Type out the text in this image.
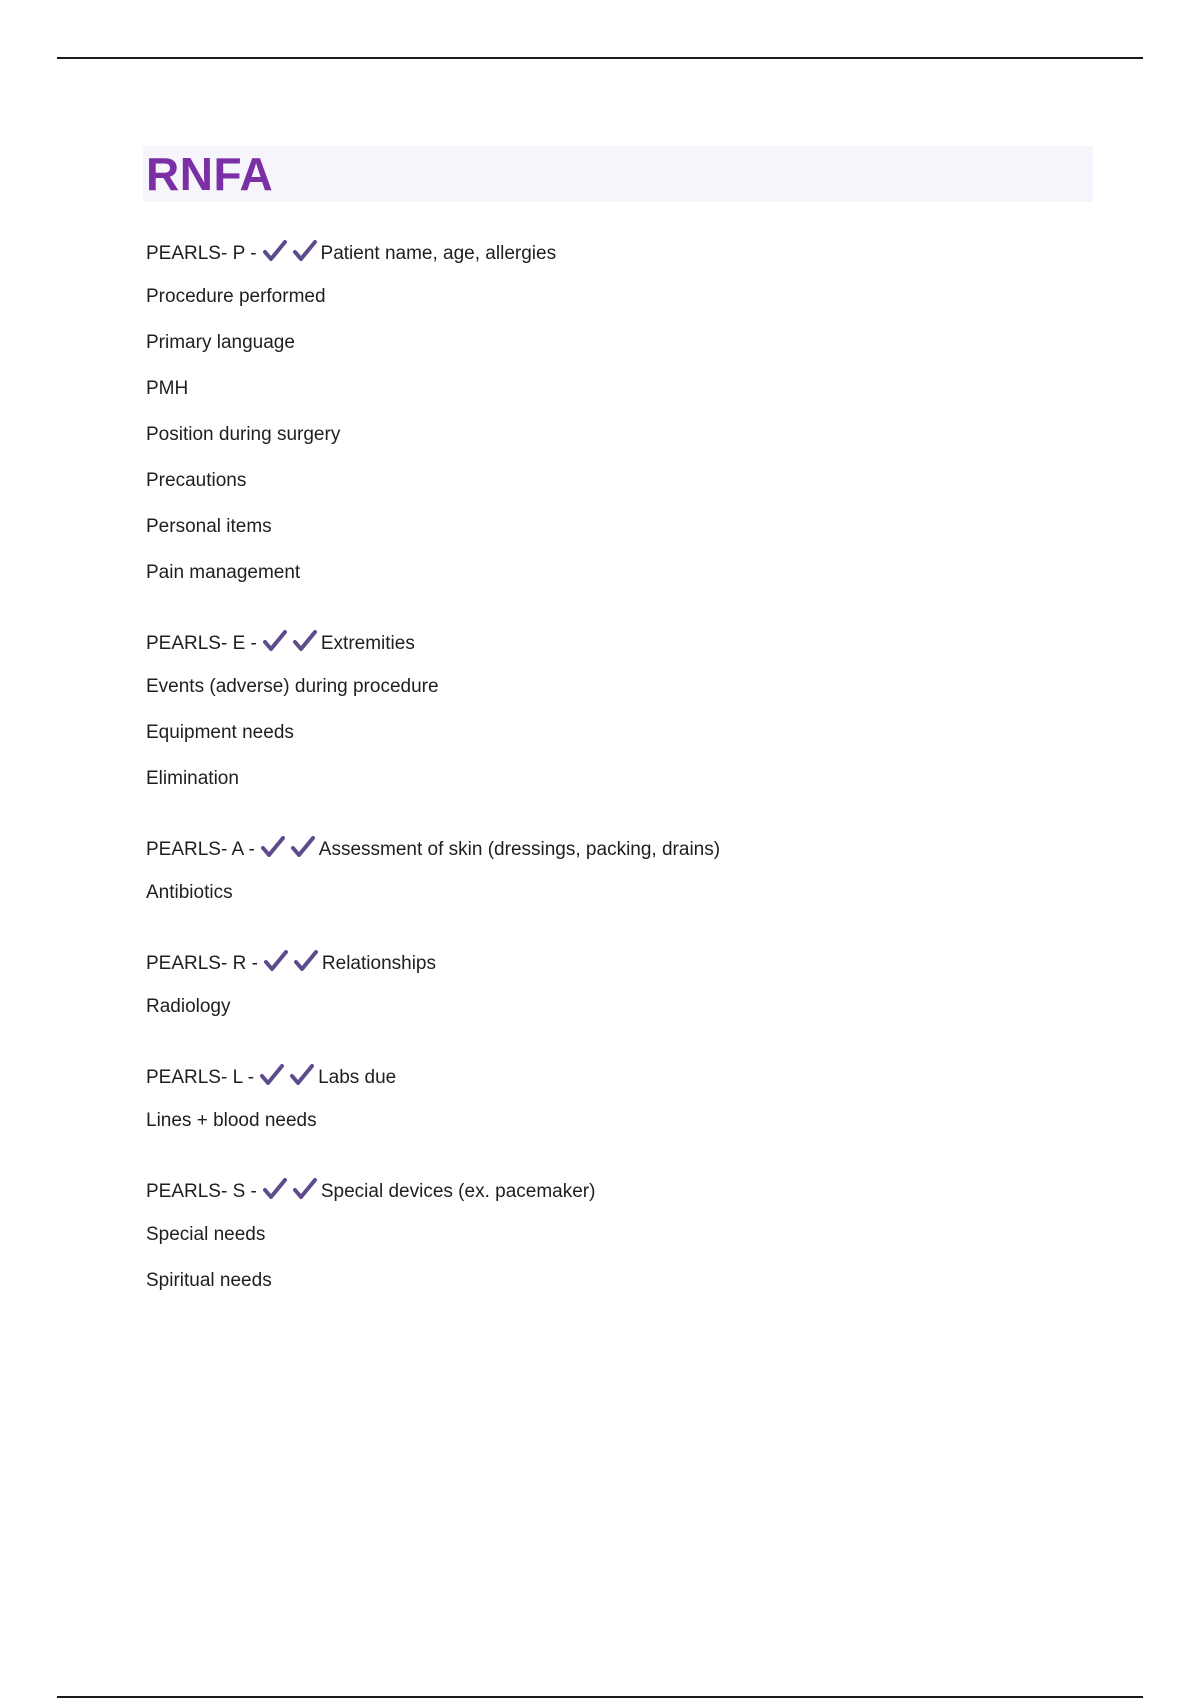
RNFA
PEARLS- P -	Patient name, age, allergies
Procedure performed
Primary language
PMH
Position during surgery
Precautions
Personal items
Pain management
PEARLS- E -	Extremities
Events (adverse) during procedure
Equipment needs
Elimination
PEARLS- A -	Assessment of skin (dressings, packing, drains)
Antibiotics
PEARLS- R -	Relationships
Radiology
PEARLS- L -	Labs due
Lines + blood needs
PEARLS- S -	Special devices (ex. pacemaker)
Special needs
Spiritual needs
